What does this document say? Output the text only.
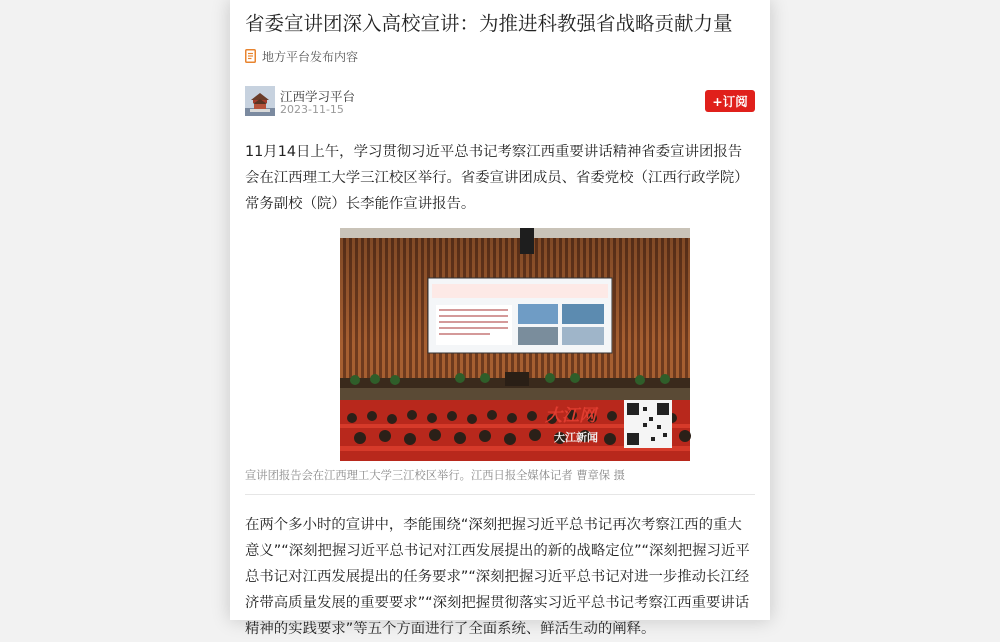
省委宣讲团深入高校宣讲：为推进科教强省战略贡献力量
地方平台发布内容
江西学习平台
2023-11-15
+订阅
11月14日上午，学习贯彻习近平总书记考察江西重要讲话精神省委宣讲团报告会在江西理工大学三江校区举行。省委宣讲团成员、省委党校（江西行政学院）常务副校（院）长李能作宣讲报告。
大江网
大江新闻
宣讲团报告会在江西理工大学三江校区举行。江西日报全媒体记者 曹章保 摄
在两个多小时的宣讲中，李能围绕“深刻把握习近平总书记再次考察江西的重大意义”“深刻把握习近平总书记对江西发展提出的新的战略定位”“深刻把握习近平总书记对江西发展提出的任务要求”“深刻把握习近平总书记对进一步推动长江经济带高质量发展的重要要求”“深刻把握贯彻落实习近平总书记考察江西重要讲话精神的实践要求”等五个方面进行了全面系统、鲜活生动的阐释。
